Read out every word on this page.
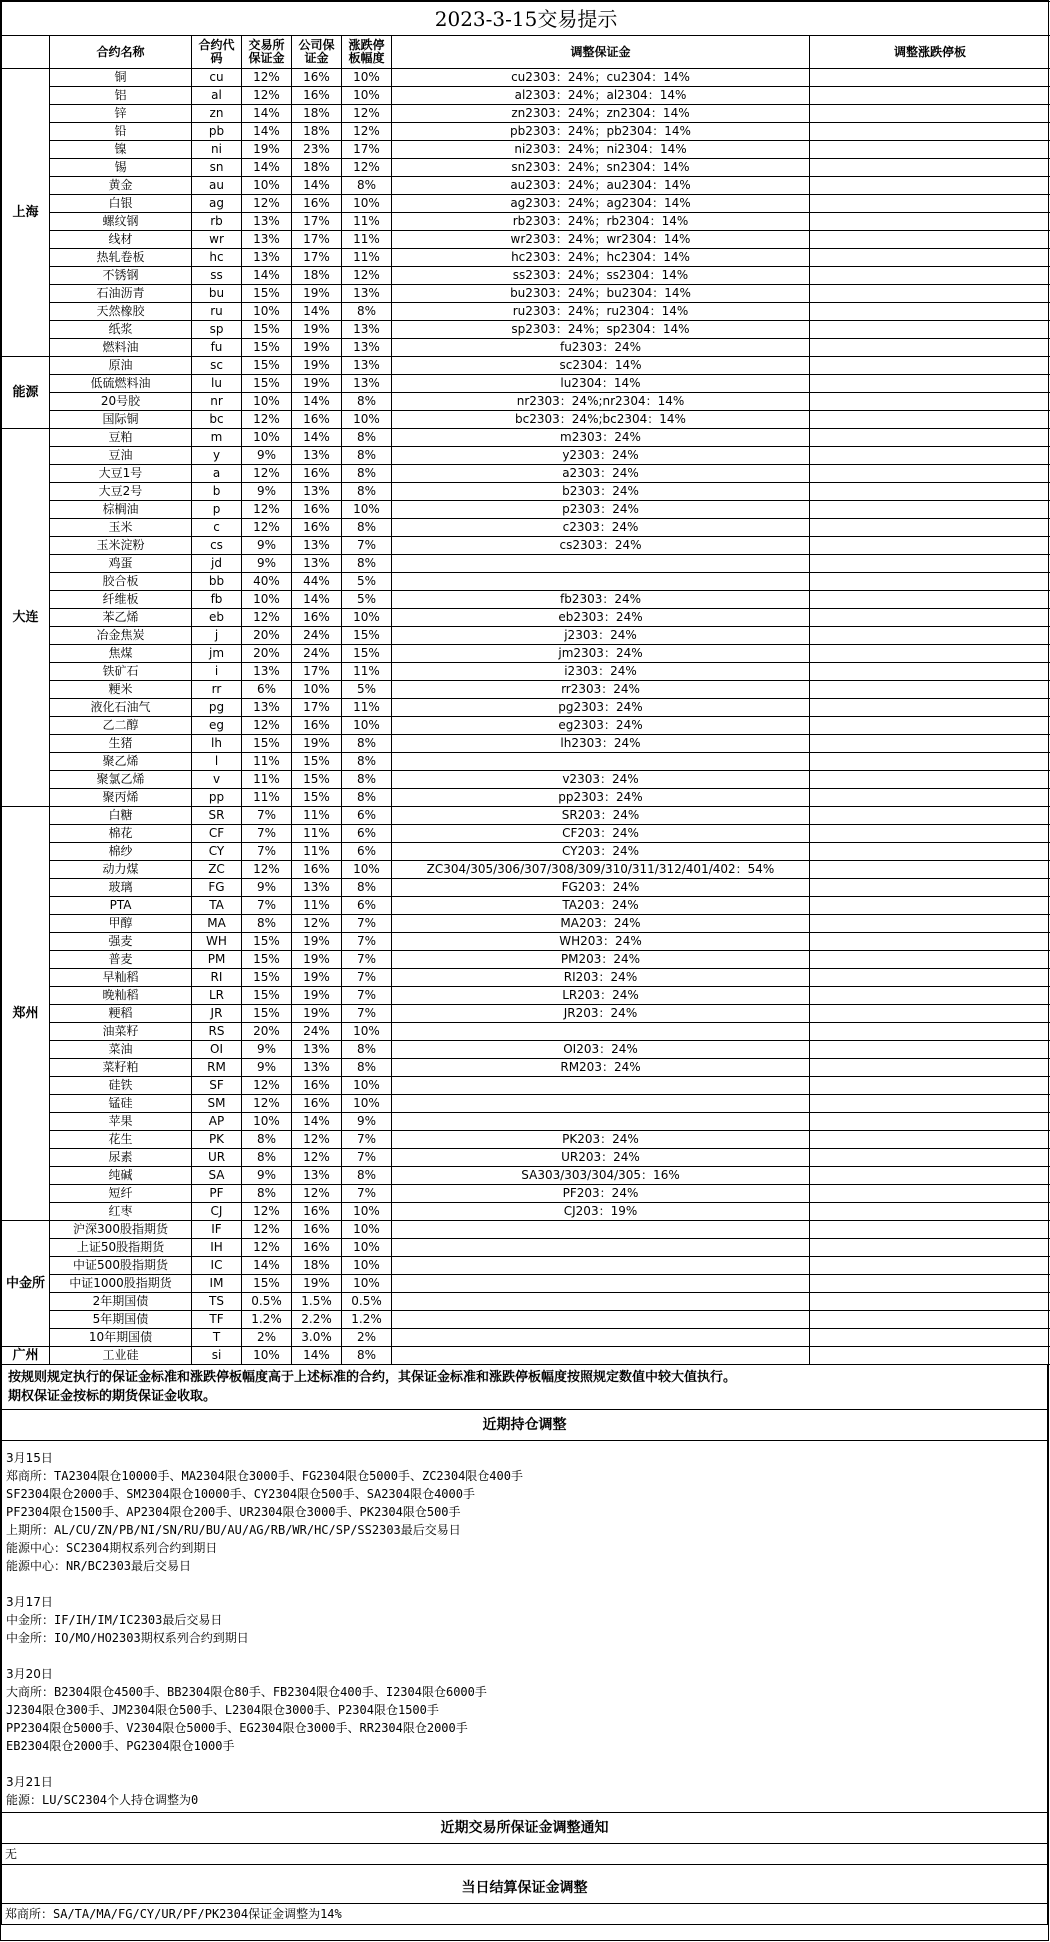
2023-3-15交易提示							
	合约名称	合约代码	交易所保证金	公司保证金	涨跌停板幅度	调整保证金	调整涨跌停板
上海	铜	cu	12%	16%	10%	cu2303：24%；cu2304：14%	
	铝	al	12%	16%	10%	al2303：24%；al2304：14%	
	锌	zn	14%	18%	12%	zn2303：24%；zn2304：14%	
	铅	pb	14%	18%	12%	pb2303：24%；pb2304：14%	
	镍	ni	19%	23%	17%	ni2303：24%；ni2304：14%	
	锡	sn	14%	18%	12%	sn2303：24%；sn2304：14%	
	黄金	au	10%	14%	8%	au2303：24%；au2304：14%	
	白银	ag	12%	16%	10%	ag2303：24%；ag2304：14%	
	螺纹钢	rb	13%	17%	11%	rb2303：24%；rb2304：14%	
	线材	wr	13%	17%	11%	wr2303：24%；wr2304：14%	
	热轧卷板	hc	13%	17%	11%	hc2303：24%；hc2304：14%	
	不锈钢	ss	14%	18%	12%	ss2303：24%；ss2304：14%	
	石油沥青	bu	15%	19%	13%	bu2303：24%；bu2304：14%	
	天然橡胶	ru	10%	14%	8%	ru2303：24%；ru2304：14%	
	纸浆	sp	15%	19%	13%	sp2303：24%；sp2304：14%	
	燃料油	fu	15%	19%	13%	fu2303：24%	
能源	原油	sc	15%	19%	13%	sc2304：14%	
	低硫燃料油	lu	15%	19%	13%	lu2304：14%	
	20号胶	nr	10%	14%	8%	nr2303：24%;nr2304：14%	
	国际铜	bc	12%	16%	10%	bc2303：24%;bc2304：14%	
大连	豆粕	m	10%	14%	8%	m2303：24%	
	豆油	y	9%	13%	8%	y2303：24%	
	大豆1号	a	12%	16%	8%	a2303：24%	
	大豆2号	b	9%	13%	8%	b2303：24%	
	棕榈油	p	12%	16%	10%	p2303：24%	
	玉米	c	12%	16%	8%	c2303：24%	
	玉米淀粉	cs	9%	13%	7%	cs2303：24%	
	鸡蛋	jd	9%	13%	8%		
	胶合板	bb	40%	44%	5%		
	纤维板	fb	10%	14%	5%	fb2303：24%	
	苯乙烯	eb	12%	16%	10%	eb2303：24%	
	冶金焦炭	j	20%	24%	15%	j2303：24%	
	焦煤	jm	20%	24%	15%	jm2303：24%	
	铁矿石	i	13%	17%	11%	i2303：24%	
	粳米	rr	6%	10%	5%	rr2303：24%	
	液化石油气	pg	13%	17%	11%	pg2303：24%	
	乙二醇	eg	12%	16%	10%	eg2303：24%	
	生猪	lh	15%	19%	8%	lh2303：24%	
	聚乙烯	l	11%	15%	8%		
	聚氯乙烯	v	11%	15%	8%	v2303：24%	
	聚丙烯	pp	11%	15%	8%	pp2303：24%	
郑州	白糖	SR	7%	11%	6%	SR203：24%	
	棉花	CF	7%	11%	6%	CF203：24%	
	棉纱	CY	7%	11%	6%	CY203：24%	
	动力煤	ZC	12%	16%	10%	ZC304/305/306/307/308/309/310/311/312/401/402：54%	
	玻璃	FG	9%	13%	8%	FG203：24%	
	PTA	TA	7%	11%	6%	TA203：24%	
	甲醇	MA	8%	12%	7%	MA203：24%	
	强麦	WH	15%	19%	7%	WH203：24%	
	普麦	PM	15%	19%	7%	PM203：24%	
	早籼稻	RI	15%	19%	7%	RI203：24%	
	晚籼稻	LR	15%	19%	7%	LR203：24%	
	粳稻	JR	15%	19%	7%	JR203：24%	
	油菜籽	RS	20%	24%	10%		
	菜油	OI	9%	13%	8%	OI203：24%	
	菜籽粕	RM	9%	13%	8%	RM203：24%	
	硅铁	SF	12%	16%	10%		
	锰硅	SM	12%	16%	10%		
	苹果	AP	10%	14%	9%		
	花生	PK	8%	12%	7%	PK203：24%	
	尿素	UR	8%	12%	7%	UR203：24%	
	纯碱	SA	9%	13%	8%	SA303/303/304/305：16%	
	短纤	PF	8%	12%	7%	PF203：24%	
	红枣	CJ	12%	16%	10%	CJ203：19%	
中金所	沪深300股指期货	IF	12%	16%	10%		
	上证50股指期货	IH	12%	16%	10%		
	中证500股指期货	IC	14%	18%	10%		
	中证1000股指期货	IM	15%	19%	10%		
	2年期国债	TS	0.5%	1.5%	0.5%		
	5年期国债	TF	1.2%	2.2%	1.2%		
	10年期国债	T	2%	3.0%	2%		
广州	工业硅	si	10%	14%	8%		
按规则规定执行的保证金标准和涨跌停板幅度高于上述标准的合约，其保证金标准和涨跌停板幅度按照规定数值中较大值执行。
期权保证金按标的期货保证金收取。
近期持仓调整
3月15日
郑商所：TA2304限仓10000手、MA2304限仓3000手、FG2304限仓5000手、ZC2304限仓400手
SF2304限仓2000手、SM2304限仓10000手、CY2304限仓500手、SA2304限仓4000手
PF2304限仓1500手、AP2304限仓200手、UR2304限仓3000手、PK2304限仓500手
上期所：AL/CU/ZN/PB/NI/SN/RU/BU/AU/AG/RB/WR/HC/SP/SS2303最后交易日
能源中心：SC2304期权系列合约到期日
能源中心：NR/BC2303最后交易日
3月17日
中金所：IF/IH/IM/IC2303最后交易日
中金所：IO/MO/HO2303期权系列合约到期日
3月20日
大商所：B2304限仓4500手、BB2304限仓80手、FB2304限仓400手、I2304限仓6000手
J2304限仓300手、JM2304限仓500手、L2304限仓3000手、P2304限仓1500手
PP2304限仓5000手、V2304限仓5000手、EG2304限仓3000手、RR2304限仓2000手
EB2304限仓2000手、PG2304限仓1000手
3月21日
能源：LU/SC2304个人持仓调整为0
近期交易所保证金调整通知
无
当日结算保证金调整
郑商所：SA/TA/MA/FG/CY/UR/PF/PK2304保证金调整为14%
